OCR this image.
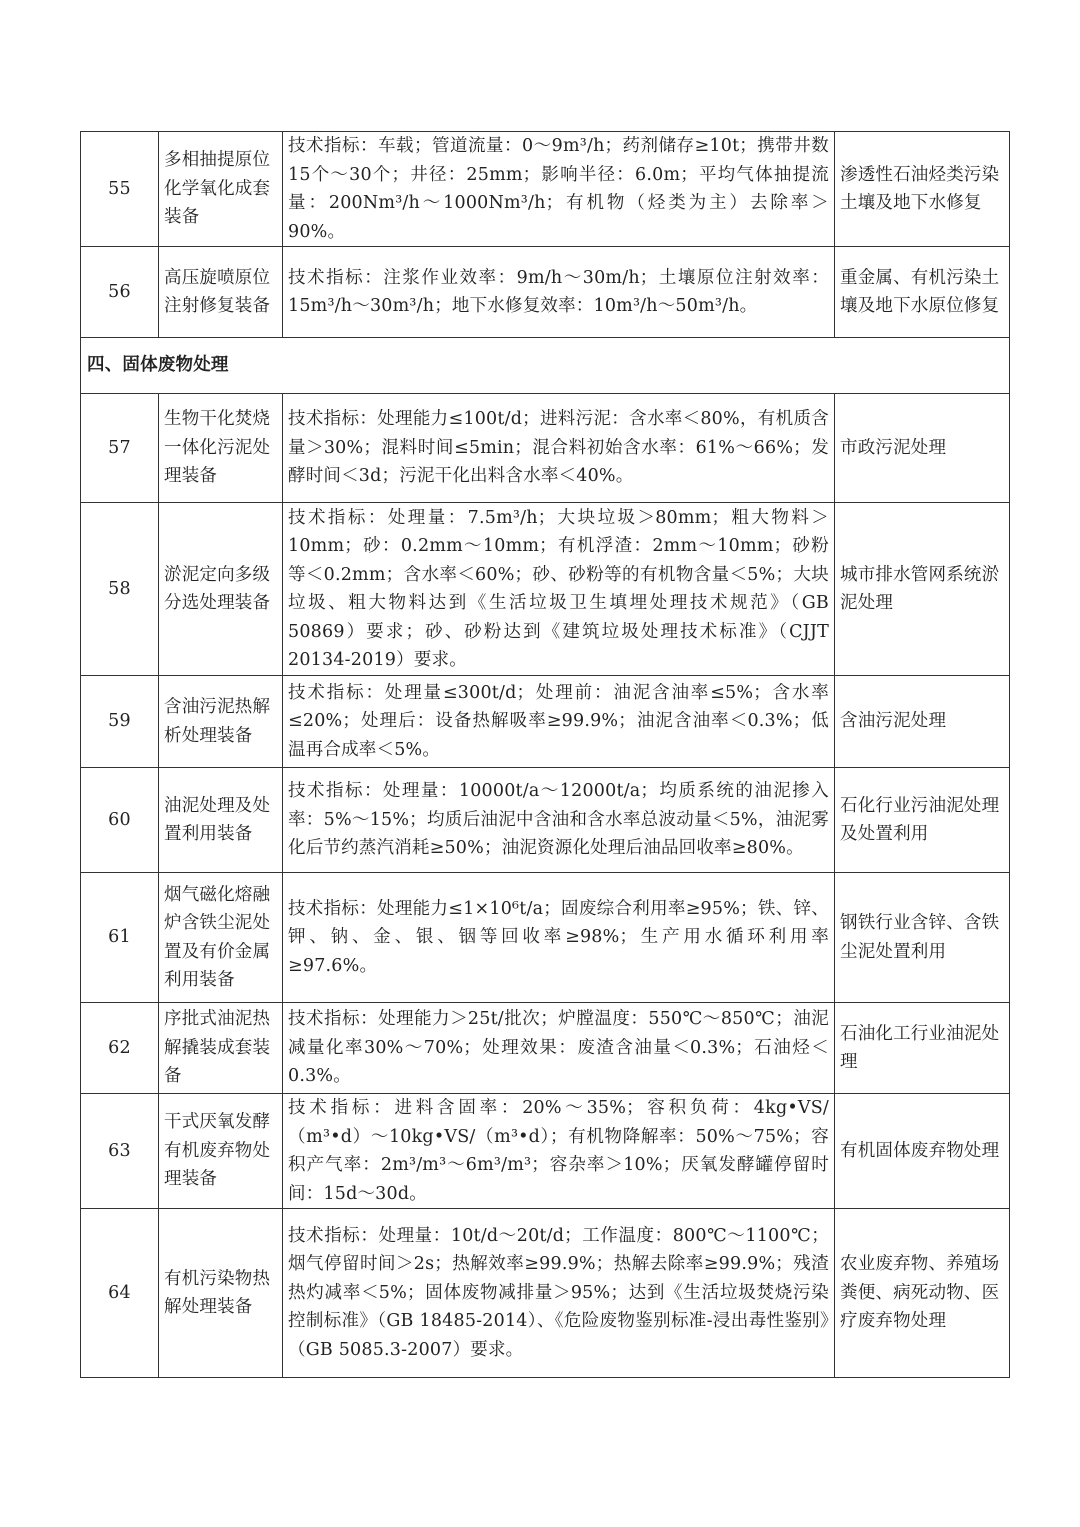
55	多相抽提原位化学氧化成套装备	技术指标：车载；管道流量：0～9m³/h；药剂储存≥10t；携带井数15个～30个；井径：25mm；影响半径：6.0m；平均气体抽提流量：200Nm³/h～1000Nm³/h；有机物（烃类为主）去除率＞90%。	渗透性石油烃类污染土壤及地下水修复
56	高压旋喷原位注射修复装备	技术指标：注浆作业效率：9m/h～30m/h；土壤原位注射效率：15m³/h～30m³/h；地下水修复效率：10m³/h～50m³/h。	重金属、有机污染土壤及地下水原位修复
四、固体废物处理			
57	生物干化焚烧一体化污泥处理装备	技术指标：处理能力≤100t/d；进料污泥：含水率＜80%，有机质含量＞30%；混料时间≤5min；混合料初始含水率：61%～66%；发酵时间＜3d；污泥干化出料含水率＜40%。	市政污泥处理
58	淤泥定向多级分选处理装备	技术指标：处理量：7.5m³/h；大块垃圾＞80mm；粗大物料＞10mm；砂：0.2mm～10mm；有机浮渣：2mm～10mm；砂粉等＜0.2mm；含水率＜60%；砂、砂粉等的有机物含量＜5%；大块垃圾、粗大物料达到《生活垃圾卫生填埋处理技术规范》（GB 50869）要求；砂、砂粉达到《建筑垃圾处理技术标准》（CJJT 20134-2019）要求。	城市排水管网系统淤泥处理
59	含油污泥热解析处理装备	技术指标：处理量≤300t/d；处理前：油泥含油率≤5%；含水率≤20%；处理后：设备热解吸率≥99.9%；油泥含油率＜0.3%；低温再合成率＜5%。	含油污泥处理
60	油泥处理及处置利用装备	技术指标：处理量：10000t/a～12000t/a；均质系统的油泥掺入率：5%～15%；均质后油泥中含油和含水率总波动量＜5%，油泥雾化后节约蒸汽消耗≥50%；油泥资源化处理后油品回收率≥80%。	石化行业污油泥处理及处置利用
61	烟气磁化熔融炉含铁尘泥处置及有价金属利用装备	技术指标：处理能力≤1×10⁶t/a；固废综合利用率≥95%；铁、锌、钾、钠、金、银、铟等回收率≥98%；生产用水循环利用率≥97.6%。	钢铁行业含锌、含铁尘泥处置利用
62	序批式油泥热解撬装成套装备	技术指标：处理能力＞25t/批次；炉膛温度：550℃～850℃；油泥减量化率30%～70%；处理效果：废渣含油量＜0.3%；石油烃＜0.3%。	石油化工行业油泥处理
63	干式厌氧发酵有机废弃物处理装备	技术指标：进料含固率：20%～35%；容积负荷：4kg•VS/（m³•d）～10kg•VS/（m³•d）；有机物降解率：50%～75%；容积产气率：2m³/m³～6m³/m³；容杂率＞10%；厌氧发酵罐停留时间：15d～30d。	有机固体废弃物处理
64	有机污染物热解处理装备	技术指标：处理量：10t/d～20t/d；工作温度：800℃～1100℃；烟气停留时间＞2s；热解效率≥99.9%；热解去除率≥99.9%；残渣热灼减率＜5%；固体废物减排量＞95%；达到《生活垃圾焚烧污染控制标准》（GB 18485-2014）、《危险废物鉴别标准-浸出毒性鉴别》（GB 5085.3-2007）要求。	农业废弃物、养殖场粪便、病死动物、医疗废弃物处理
